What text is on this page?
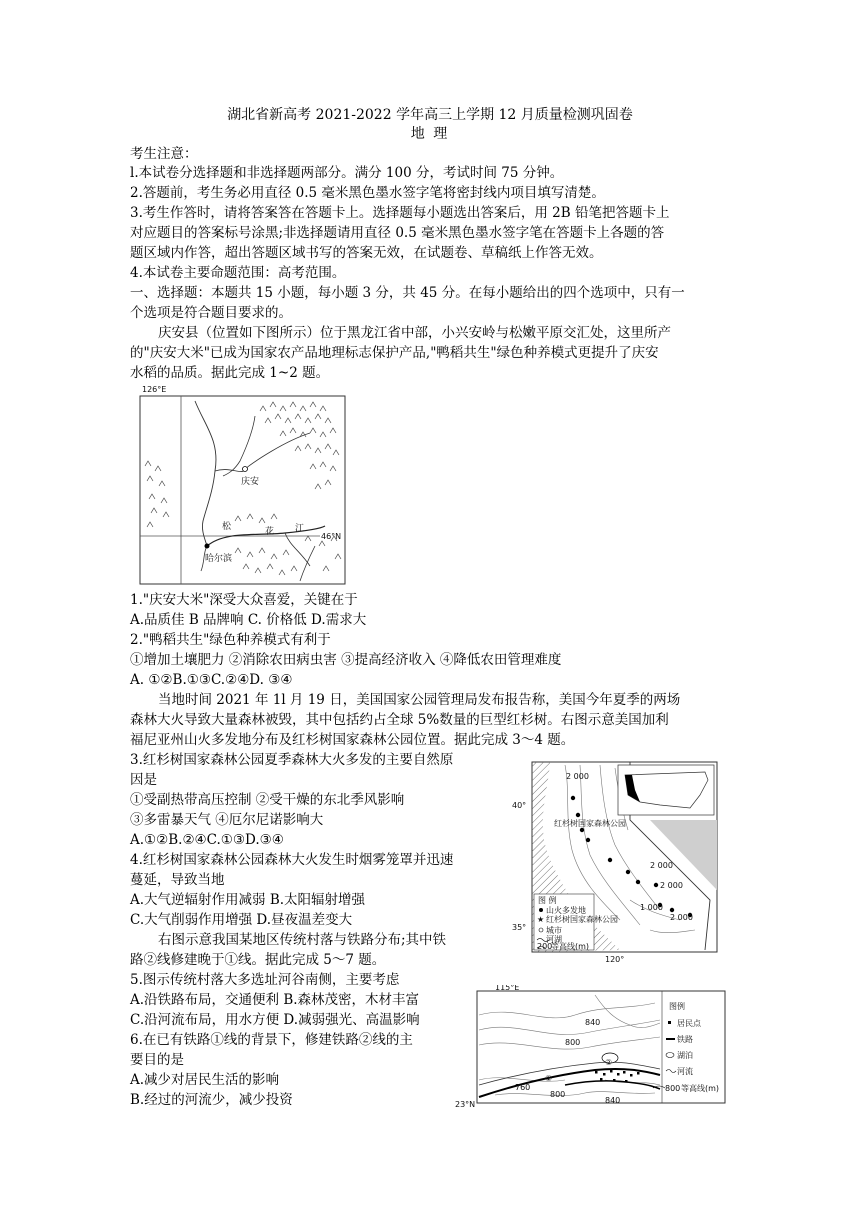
湖北省新高考 2021-2022 学年高三上学期 12 月质量检测巩固卷
地 理
考生注意：
l.本试卷分选择题和非选择题两部分。满分 100 分，考试时间 75 分钟。
2.答题前，考生务必用直径 0.5 毫米黑色墨水签字笔将密封线内项目填写清楚。
3.考生作答时，请将答案答在答题卡上。选择题每小题选出答案后，用 2B 铅笔把答题卡上
对应题目的答案标号涂黑;非选择题请用直径 0.5 毫米黑色墨水签字笔在答题卡上各题的答
题区域内作答，超出答题区域书写的答案无效，在试题卷、草稿纸上作答无效。
4.本试卷主要命题范围：高考范围。
一、选择题：本题共 15 小题，每小题 3 分，共 45 分。在每小题给出的四个选项中，只有一
个选项是符合题目要求的。
庆安县（位置如下图所示）位于黑龙江省中部，小兴安岭与松嫩平原交汇处，这里所产
的"庆安大米"已成为国家农产品地理标志保护产品,"鸭稻共生"绿色种养模式更提升了庆安
水稻的品质。据此完成 1~2 题。
126°E
46°N
庆安
哈尔滨
松	花 江
1."庆安大米"深受大众喜爱，关键在于
A.品质佳 B 品牌响 C. 价格低 D.需求大
2."鸭稻共生"绿色种养模式有利于
①增加土壤肥力 ②消除农田病虫害 ③提高经济收入 ④降低农田管理难度
A. ①②B.①③C.②④D. ③④
当地时间 2021 年 1l 月 19 日，美国国家公园管理局发布报告称，美国今年夏季的两场
森林大火导致大量森林被毁，其中包括约占全球 5%数量的巨型红杉树。右图示意美国加利
福尼亚州山火多发地分布及红杉树国家森林公园位置。据此完成 3～4 题。
3.红杉树国家森林公园夏季森林大火多发的主要自然原
因是
①受副热带高压控制 ②受干燥的东北季风影响
③多雷暴天气 ④厄尔尼诺影响大
A.①②B.②④C.①③D.③④
4.红杉树国家森林公园森林大火发生时烟雾笼罩并迅速
蔓延，导致当地
A.大气逆辐射作用减弱 B.太阳辐射增强
C.大气削弱作用增强 D.昼夜温差变大
40°
35°
120°
2 000
红杉树国家森林公园
2 000
2 000
1 000
2 000
图 例
山火多发地
★ 红杉树国家森林公园
城市
河湖
200
等高线(m)
右图示意我国某地区传统村落与铁路分布;其中铁
路②线修建晚于①线。据此完成 5～7 题。
5.图示传统村落大多选址河谷南侧，主要考虑
A.沿铁路布局，交通便利 B.森林茂密，木材丰富
C.沿河流布局，用水方便 D.减弱强光、高温影响
6.在已有铁路①线的背景下，修建铁路②线的主
要目的是
A.减少对居民生活的影响
B.经过的河流少，减少投资
115°E
23°N
840
800
760
800
840
①
②
图例
居民点
铁路
湖泊
河流
800 等高线(m)
